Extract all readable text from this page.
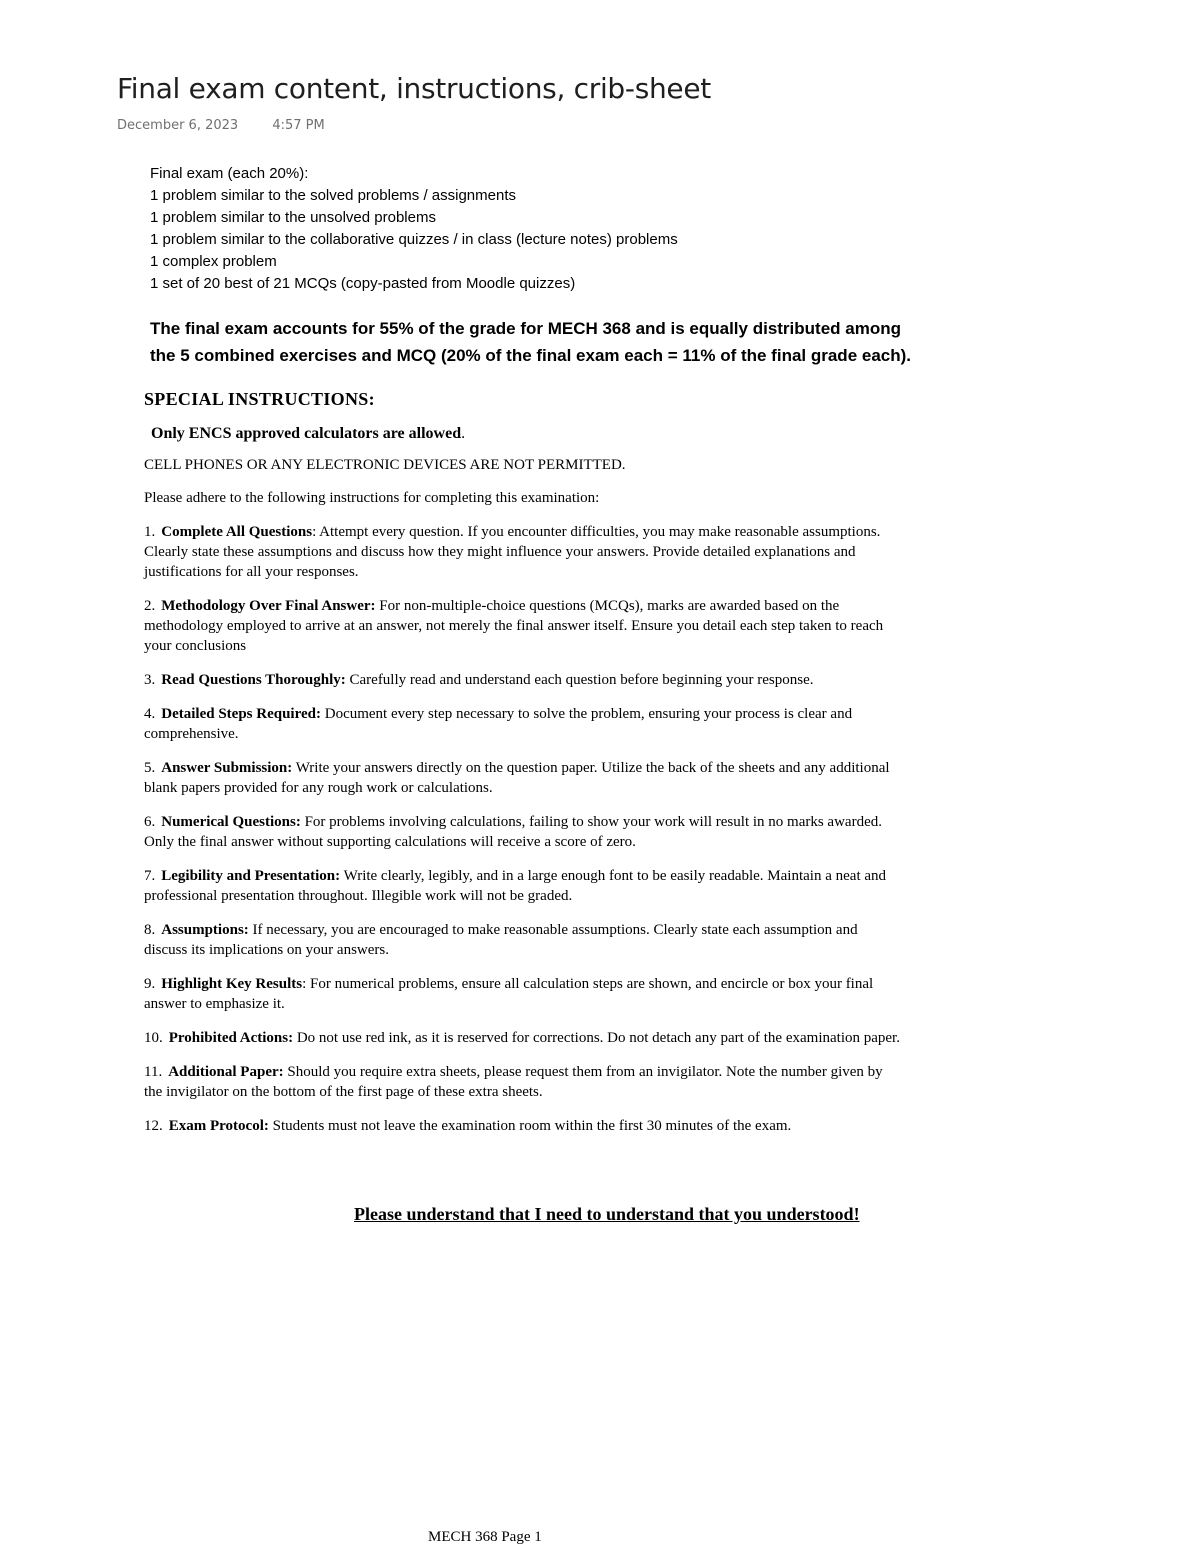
Final exam content, instructions, crib-sheet
December 6, 2023	4:57 PM
Final exam (each 20%):
1 problem similar to the solved problems / assignments
1 problem similar to the unsolved problems
1 problem similar to the collaborative quizzes / in class (lecture notes) problems
1 complex problem
1 set of 20 best of 21 MCQs (copy-pasted from Moodle quizzes)
The final exam accounts for 55% of the grade for MECH 368 and is equally distributed among the 5 combined exercises and MCQ (20% of the final exam each = 11% of the final grade each).
SPECIAL INSTRUCTIONS:
Only ENCS approved calculators are allowed.
CELL PHONES OR ANY ELECTRONIC DEVICES ARE NOT PERMITTED.
Please adhere to the following instructions for completing this examination:

1. Complete All Questions: Attempt every question. If you encounter difficulties, you may make reasonable assumptions. Clearly state these assumptions and discuss how they might influence your answers. Provide detailed explanations and justifications for all your responses.

2. Methodology Over Final Answer: For non-multiple-choice questions (MCQs), marks are awarded based on the methodology employed to arrive at an answer, not merely the final answer itself. Ensure you detail each step taken to reach your conclusions

3. Read Questions Thoroughly: Carefully read and understand each question before beginning your response.

4. Detailed Steps Required: Document every step necessary to solve the problem, ensuring your process is clear and comprehensive.

5. Answer Submission: Write your answers directly on the question paper. Utilize the back of the sheets and any additional blank papers provided for any rough work or calculations.

6. Numerical Questions: For problems involving calculations, failing to show your work will result in no marks awarded. Only the final answer without supporting calculations will receive a score of zero.

7. Legibility and Presentation: Write clearly, legibly, and in a large enough font to be easily readable. Maintain a neat and professional presentation throughout. Illegible work will not be graded.

8. Assumptions: If necessary, you are encouraged to make reasonable assumptions. Clearly state each assumption and discuss its implications on your answers.

9. Highlight Key Results: For numerical problems, ensure all calculation steps are shown, and encircle or box your final answer to emphasize it.

10. Prohibited Actions: Do not use red ink, as it is reserved for corrections. Do not detach any part of the examination paper.

11. Additional Paper: Should you require extra sheets, please request them from an invigilator. Note the number given by the invigilator on the bottom of the first page of these extra sheets.

12. Exam Protocol: Students must not leave the examination room within the first 30 minutes of the exam.

Please understand that I need to understand that you understood!
MECH 368 Page 1
